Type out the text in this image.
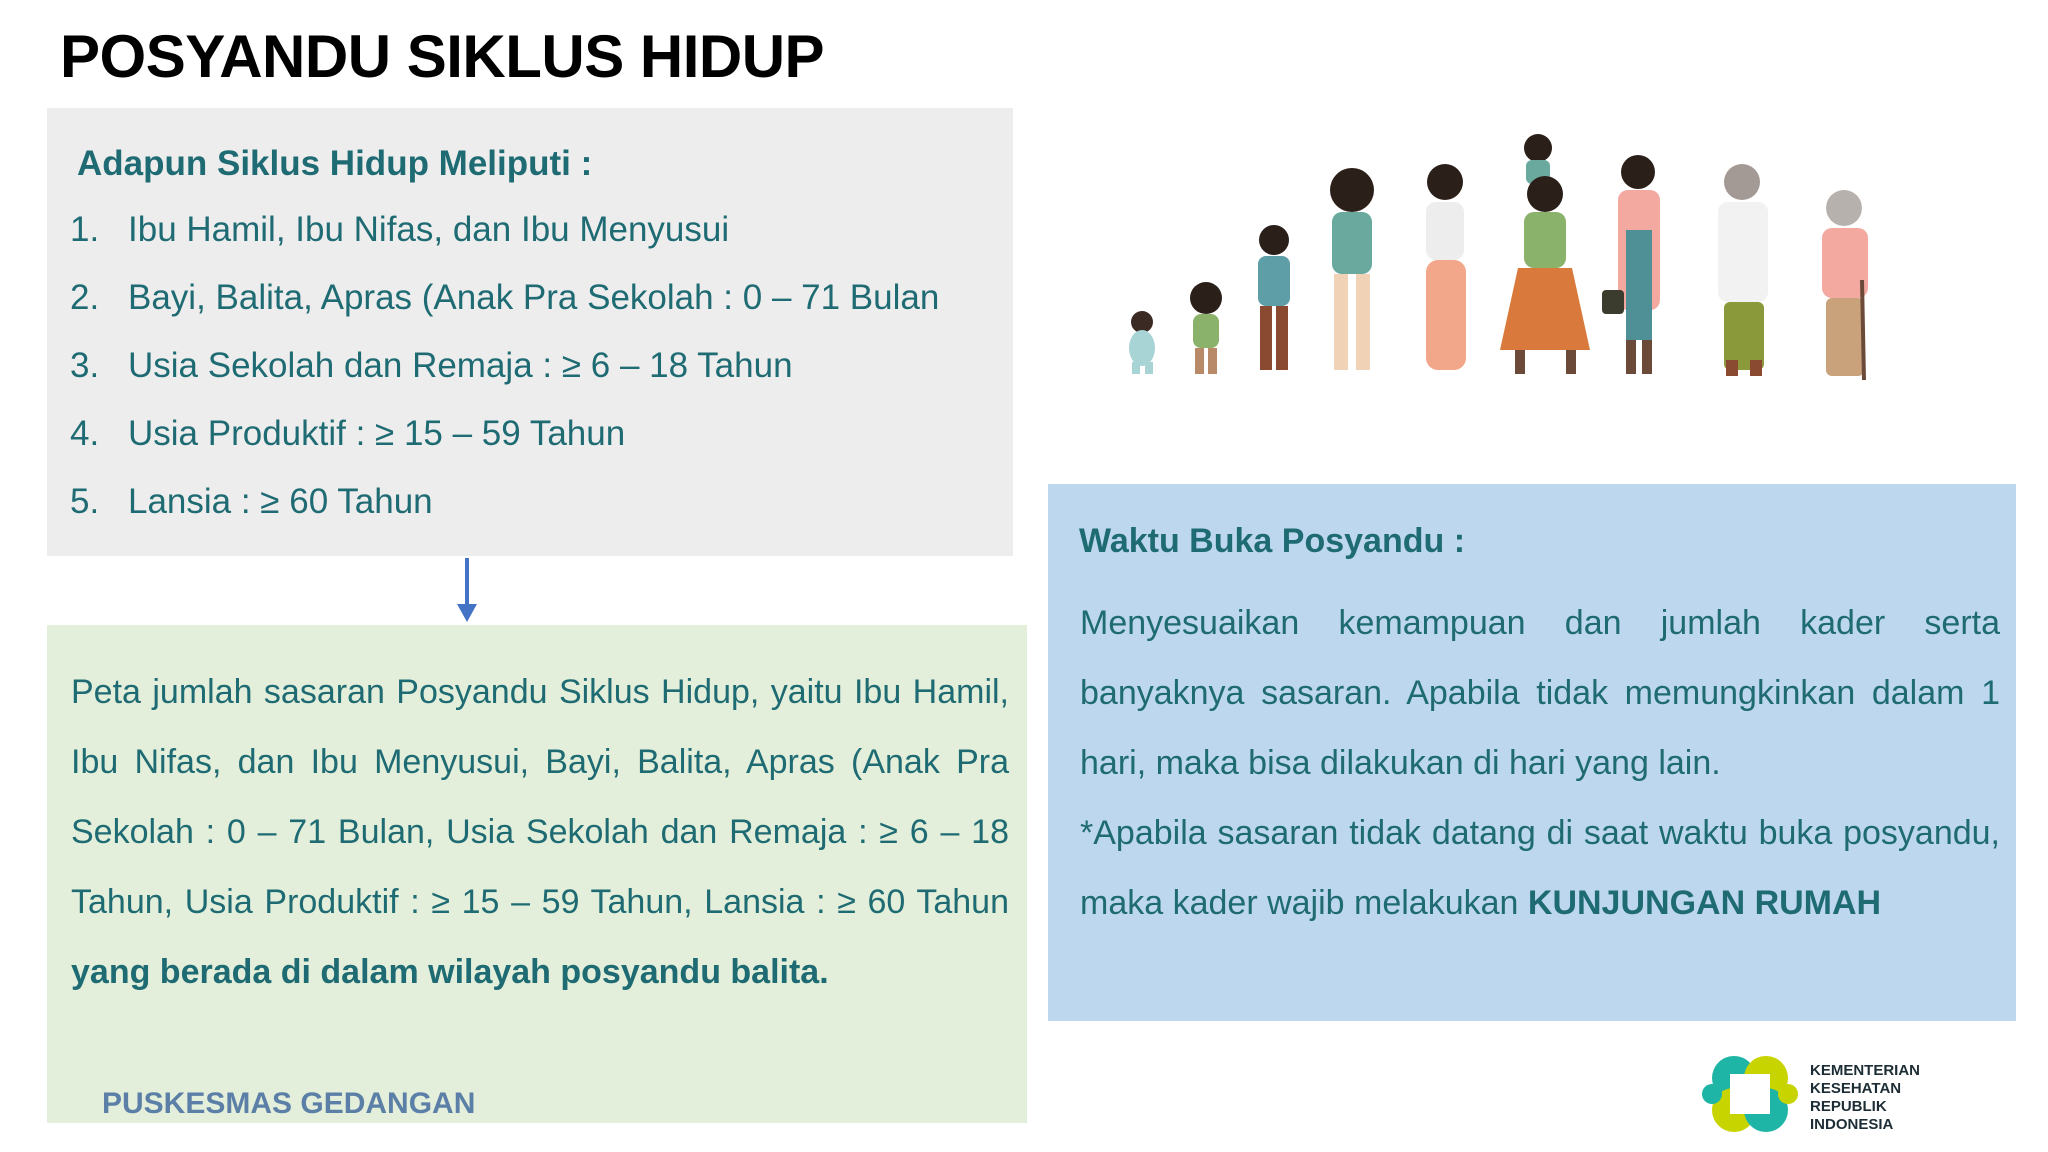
POSYANDU SIKLUS HIDUP
Adapun Siklus Hidup Meliputi :
1. Ibu Hamil, Ibu Nifas, dan Ibu Menyusui
2. Bayi, Balita, Apras (Anak Pra Sekolah : 0 – 71 Bulan
3. Usia Sekolah dan Remaja : ≥ 6 – 18 Tahun
4. Usia Produktif : ≥ 15 – 59 Tahun
5. Lansia : ≥ 60 Tahun
Peta jumlah sasaran Posyandu Siklus Hidup, yaitu Ibu Hamil, Ibu Nifas, dan Ibu Menyusui, Bayi, Balita, Apras (Anak Pra Sekolah : 0 – 71 Bulan, Usia Sekolah dan Remaja : ≥ 6 – 18 Tahun, Usia Produktif : ≥ 15 – 59 Tahun, Lansia : ≥ 60 Tahun yang berada di dalam wilayah posyandu balita.
PUSKESMAS GEDANGAN
Waktu Buka Posyandu :

Menyesuaikan kemampuan dan jumlah kader serta banyaknya sasaran. Apabila tidak memungkinkan dalam 1 hari, maka bisa dilakukan di hari yang lain.

*Apabila sasaran tidak datang di saat waktu buka posyandu, maka kader wajib melakukan KUNJUNGAN RUMAH

KEMENTERIAN
KESEHATAN
REPUBLIK
INDONESIA
